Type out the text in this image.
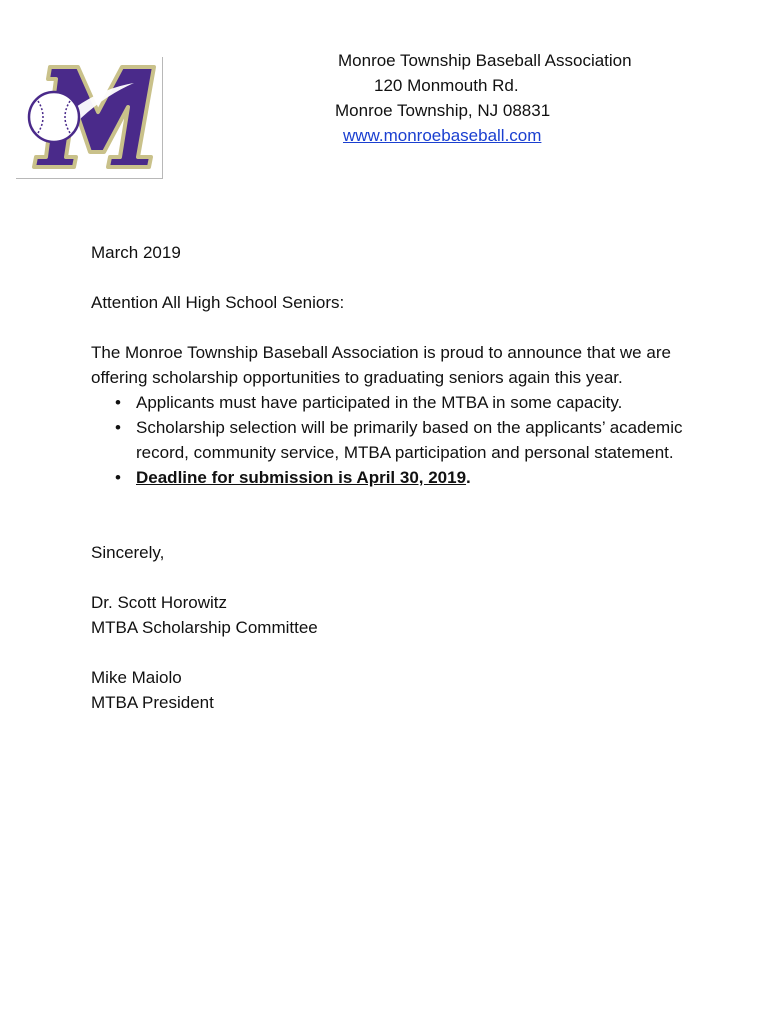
Monroe Township Baseball Association
120 Monmouth Rd.
Monroe Township, NJ 08831
www.monroebaseball.com

March 2019

Attention All High School Seniors:

The Monroe Township Baseball Association is proud to announce that we are offering scholarship opportunities to graduating seniors again this year.

• Applicants must have participated in the MTBA in some capacity.
• Scholarship selection will be primarily based on the applicants’ academic record, community service, MTBA participation and personal statement.
• Deadline for submission is April 30, 2019.

Sincerely,

Dr. Scott Horowitz
MTBA Scholarship Committee
Mike Maiolo
MTBA President
